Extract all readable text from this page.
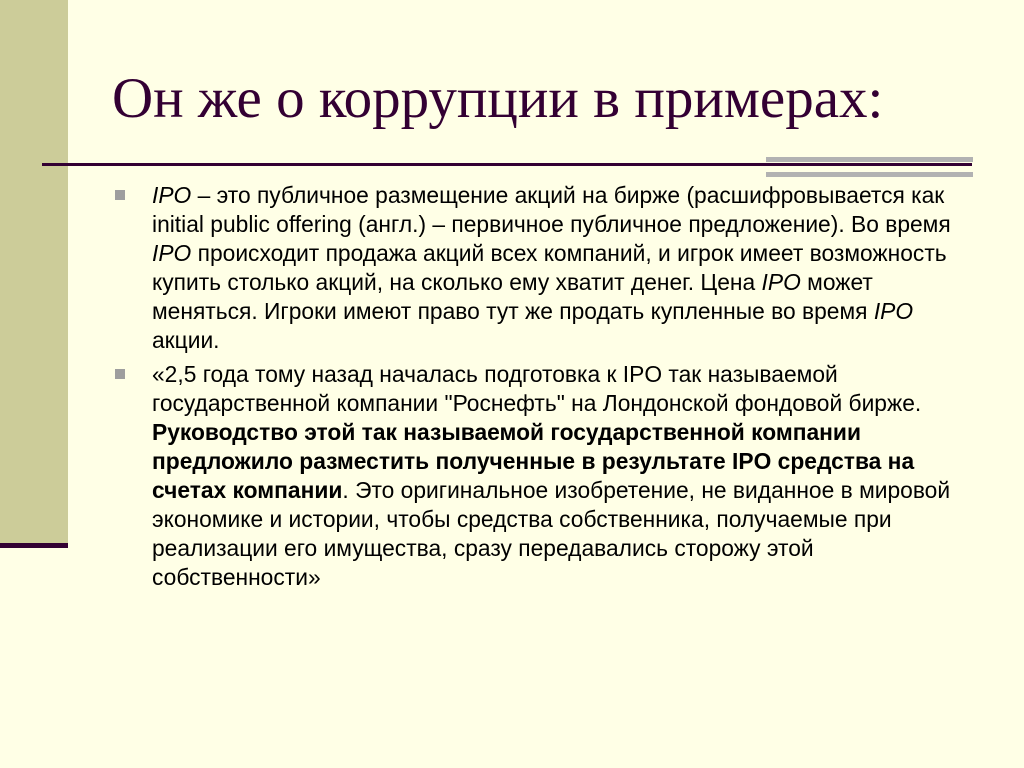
Он же о коррупции в примерах:
IPO – это публичное размещение акций на бирже (расшифровывается как initial public offering (англ.) – первичное публичное предложение). Во время IPO происходит продажа акций всех компаний, и игрок имеет возможность купить столько акций, на сколько ему хватит денег. Цена IPO может меняться. Игроки имеют право тут же продать купленные во время IPO акции.
«2,5 года тому назад началась подготовка к IPO так называемой государственной компании "Роснефть" на Лондонской фондовой бирже. Руководство этой так называемой государственной компании предложило разместить полученные в результате IPO средства на счетах компании. Это оригинальное изобретение, не виданное в мировой экономике и истории, чтобы средства собственника, получаемые при реализации его имущества, сразу передавались сторожу этой собственности»
